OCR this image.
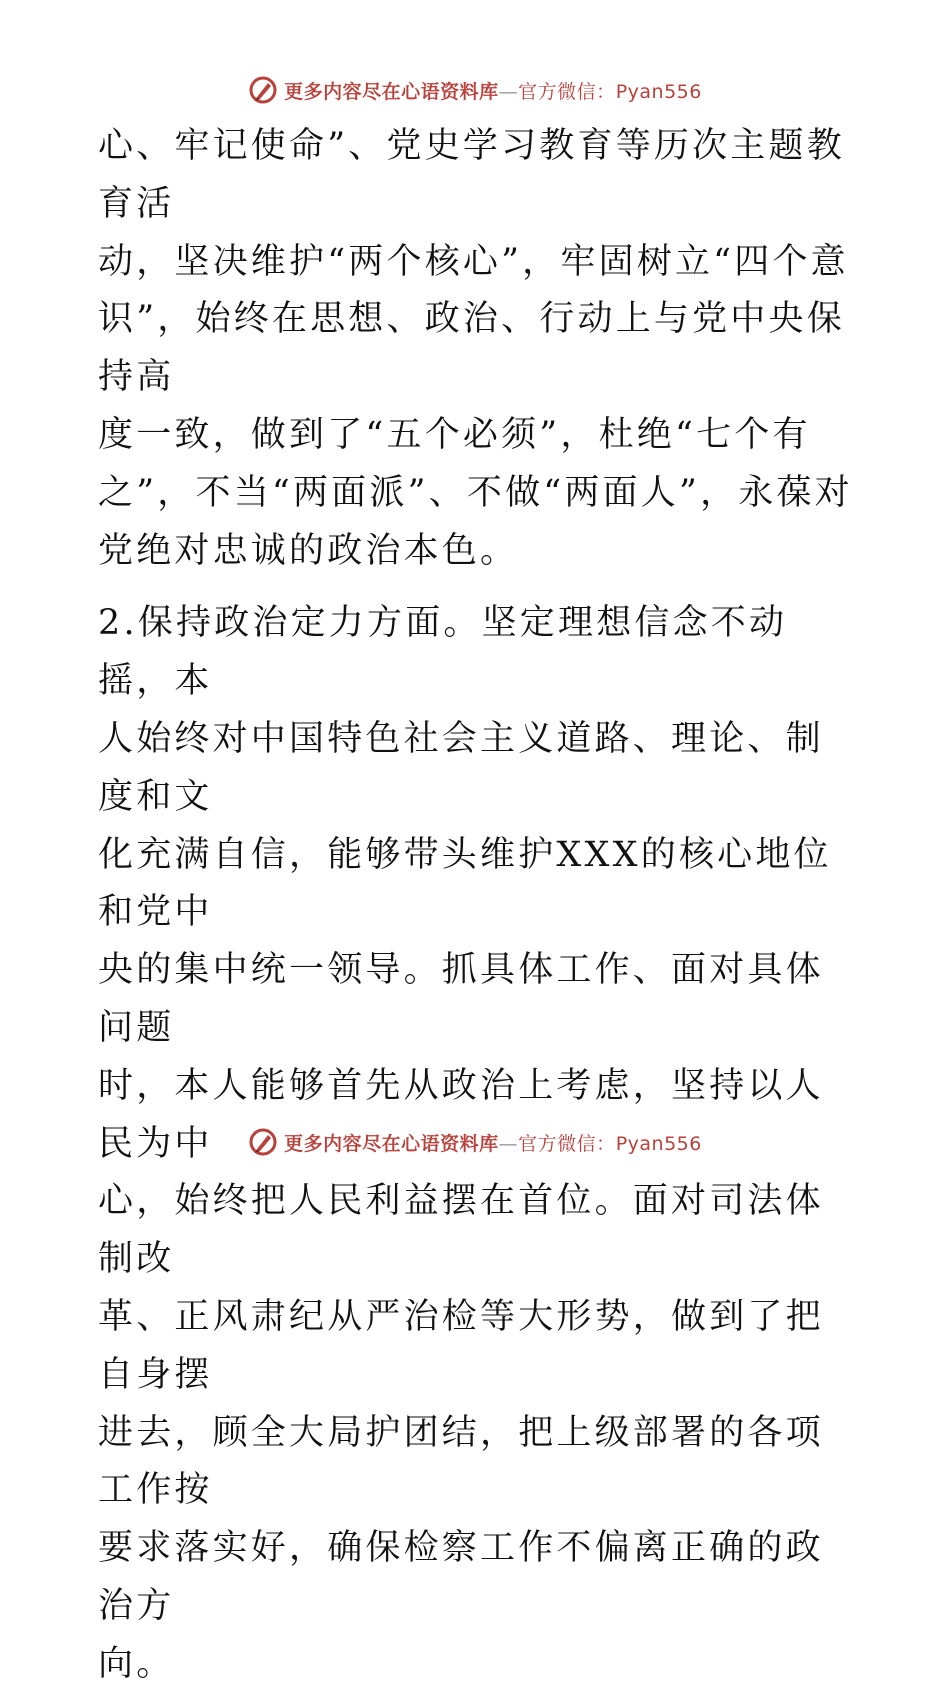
更多内容尽在心语资料库—官方微信：Pyan556

心、牢记使命”、党史学习教育等历次主题教育活
动，坚决维护“两个核心”，牢固树立“四个意
识”，始终在思想、政治、行动上与党中央保持高
度一致，做到了“五个必须”，杜绝“七个有
之”，不当“两面派”、不做“两面人”，永葆对
党绝对忠诚的政治本色。

2.保持政治定力方面。坚定理想信念不动摇，本
人始终对中国特色社会主义道路、理论、制度和文
化充满自信，能够带头维护XXX的核心地位和党中
央的集中统一领导。抓具体工作、面对具体问题
时，本人能够首先从政治上考虑，坚持以人民为中
心，始终把人民利益摆在首位。面对司法体制改
革、正风肃纪从严治检等大形势，做到了把自身摆
进去，顾全大局护团结，把上级部署的各项工作按
要求落实好，确保检察工作不偏离正确的政治方
向。

更多内容尽在心语资料库—官方微信：Pyan556
